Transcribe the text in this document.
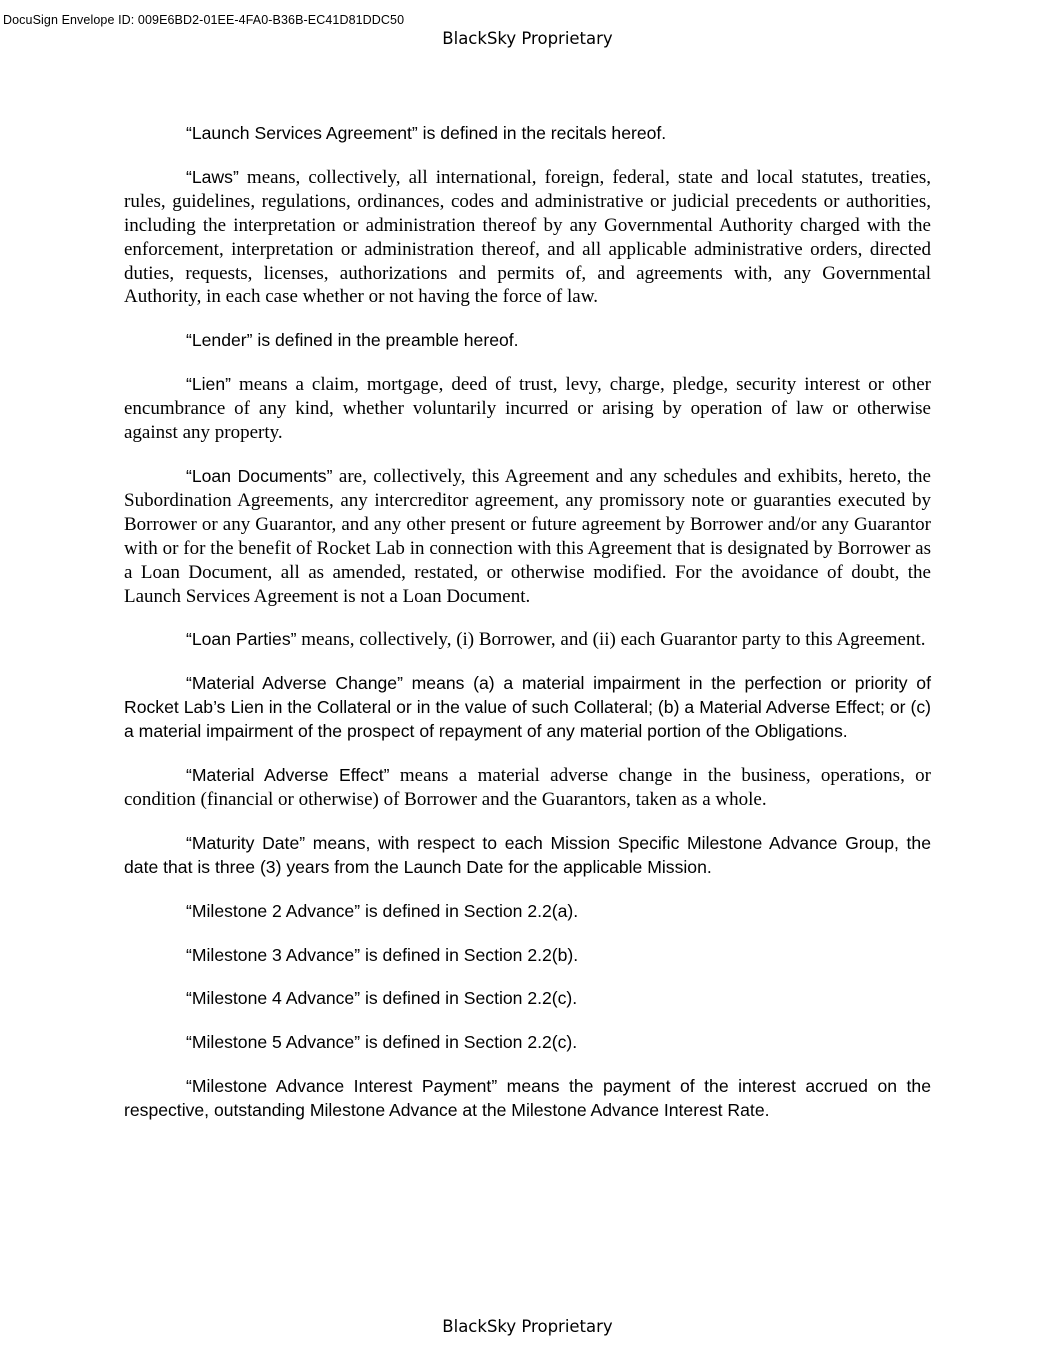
DocuSign Envelope ID: 009E6BD2-01EE-4FA0-B36B-EC41D81DDC50
BlackSky Proprietary

“Launch Services Agreement” is defined in the recitals hereof.

“Laws” means, collectively, all international, foreign, federal, state and local statutes, treaties, rules, guidelines, regulations, ordinances, codes and administrative or judicial precedents or authorities, including the interpretation or administration thereof by any Governmental Authority charged with the enforcement, interpretation or administration thereof, and all applicable administrative orders, directed duties, requests, licenses, authorizations and permits of, and agreements with, any Governmental Authority, in each case whether or not having the force of law.

“Lender” is defined in the preamble hereof.

“Lien” means a claim, mortgage, deed of trust, levy, charge, pledge, security interest or other encumbrance of any kind, whether voluntarily incurred or arising by operation of law or otherwise against any property.

“Loan Documents” are, collectively, this Agreement and any schedules and exhibits, hereto, the Subordination Agreements, any intercreditor agreement, any promissory note or guaranties executed by Borrower or any Guarantor, and any other present or future agreement by Borrower and/or any Guarantor with or for the benefit of Rocket Lab in connection with this Agreement that is designated by Borrower as a Loan Document, all as amended, restated, or otherwise modified. For the avoidance of doubt, the Launch Services Agreement is not a Loan Document.

“Loan Parties” means, collectively, (i) Borrower, and (ii) each Guarantor party to this Agreement.

“Material Adverse Change” means (a) a material impairment in the perfection or priority of Rocket Lab’s Lien in the Collateral or in the value of such Collateral; (b) a Material Adverse Effect; or (c) a material impairment of the prospect of repayment of any material portion of the Obligations.

“Material Adverse Effect” means a material adverse change in the business, operations, or condition (financial or otherwise) of Borrower and the Guarantors, taken as a whole.

“Maturity Date” means, with respect to each Mission Specific Milestone Advance Group, the date that is three (3) years from the Launch Date for the applicable Mission.

“Milestone 2 Advance” is defined in Section 2.2(a).

“Milestone 3 Advance” is defined in Section 2.2(b).

“Milestone 4 Advance” is defined in Section 2.2(c).

“Milestone 5 Advance” is defined in Section 2.2(c).

“Milestone Advance Interest Payment” means the payment of the interest accrued on the respective, outstanding Milestone Advance at the Milestone Advance Interest Rate.

BlackSky Proprietary
